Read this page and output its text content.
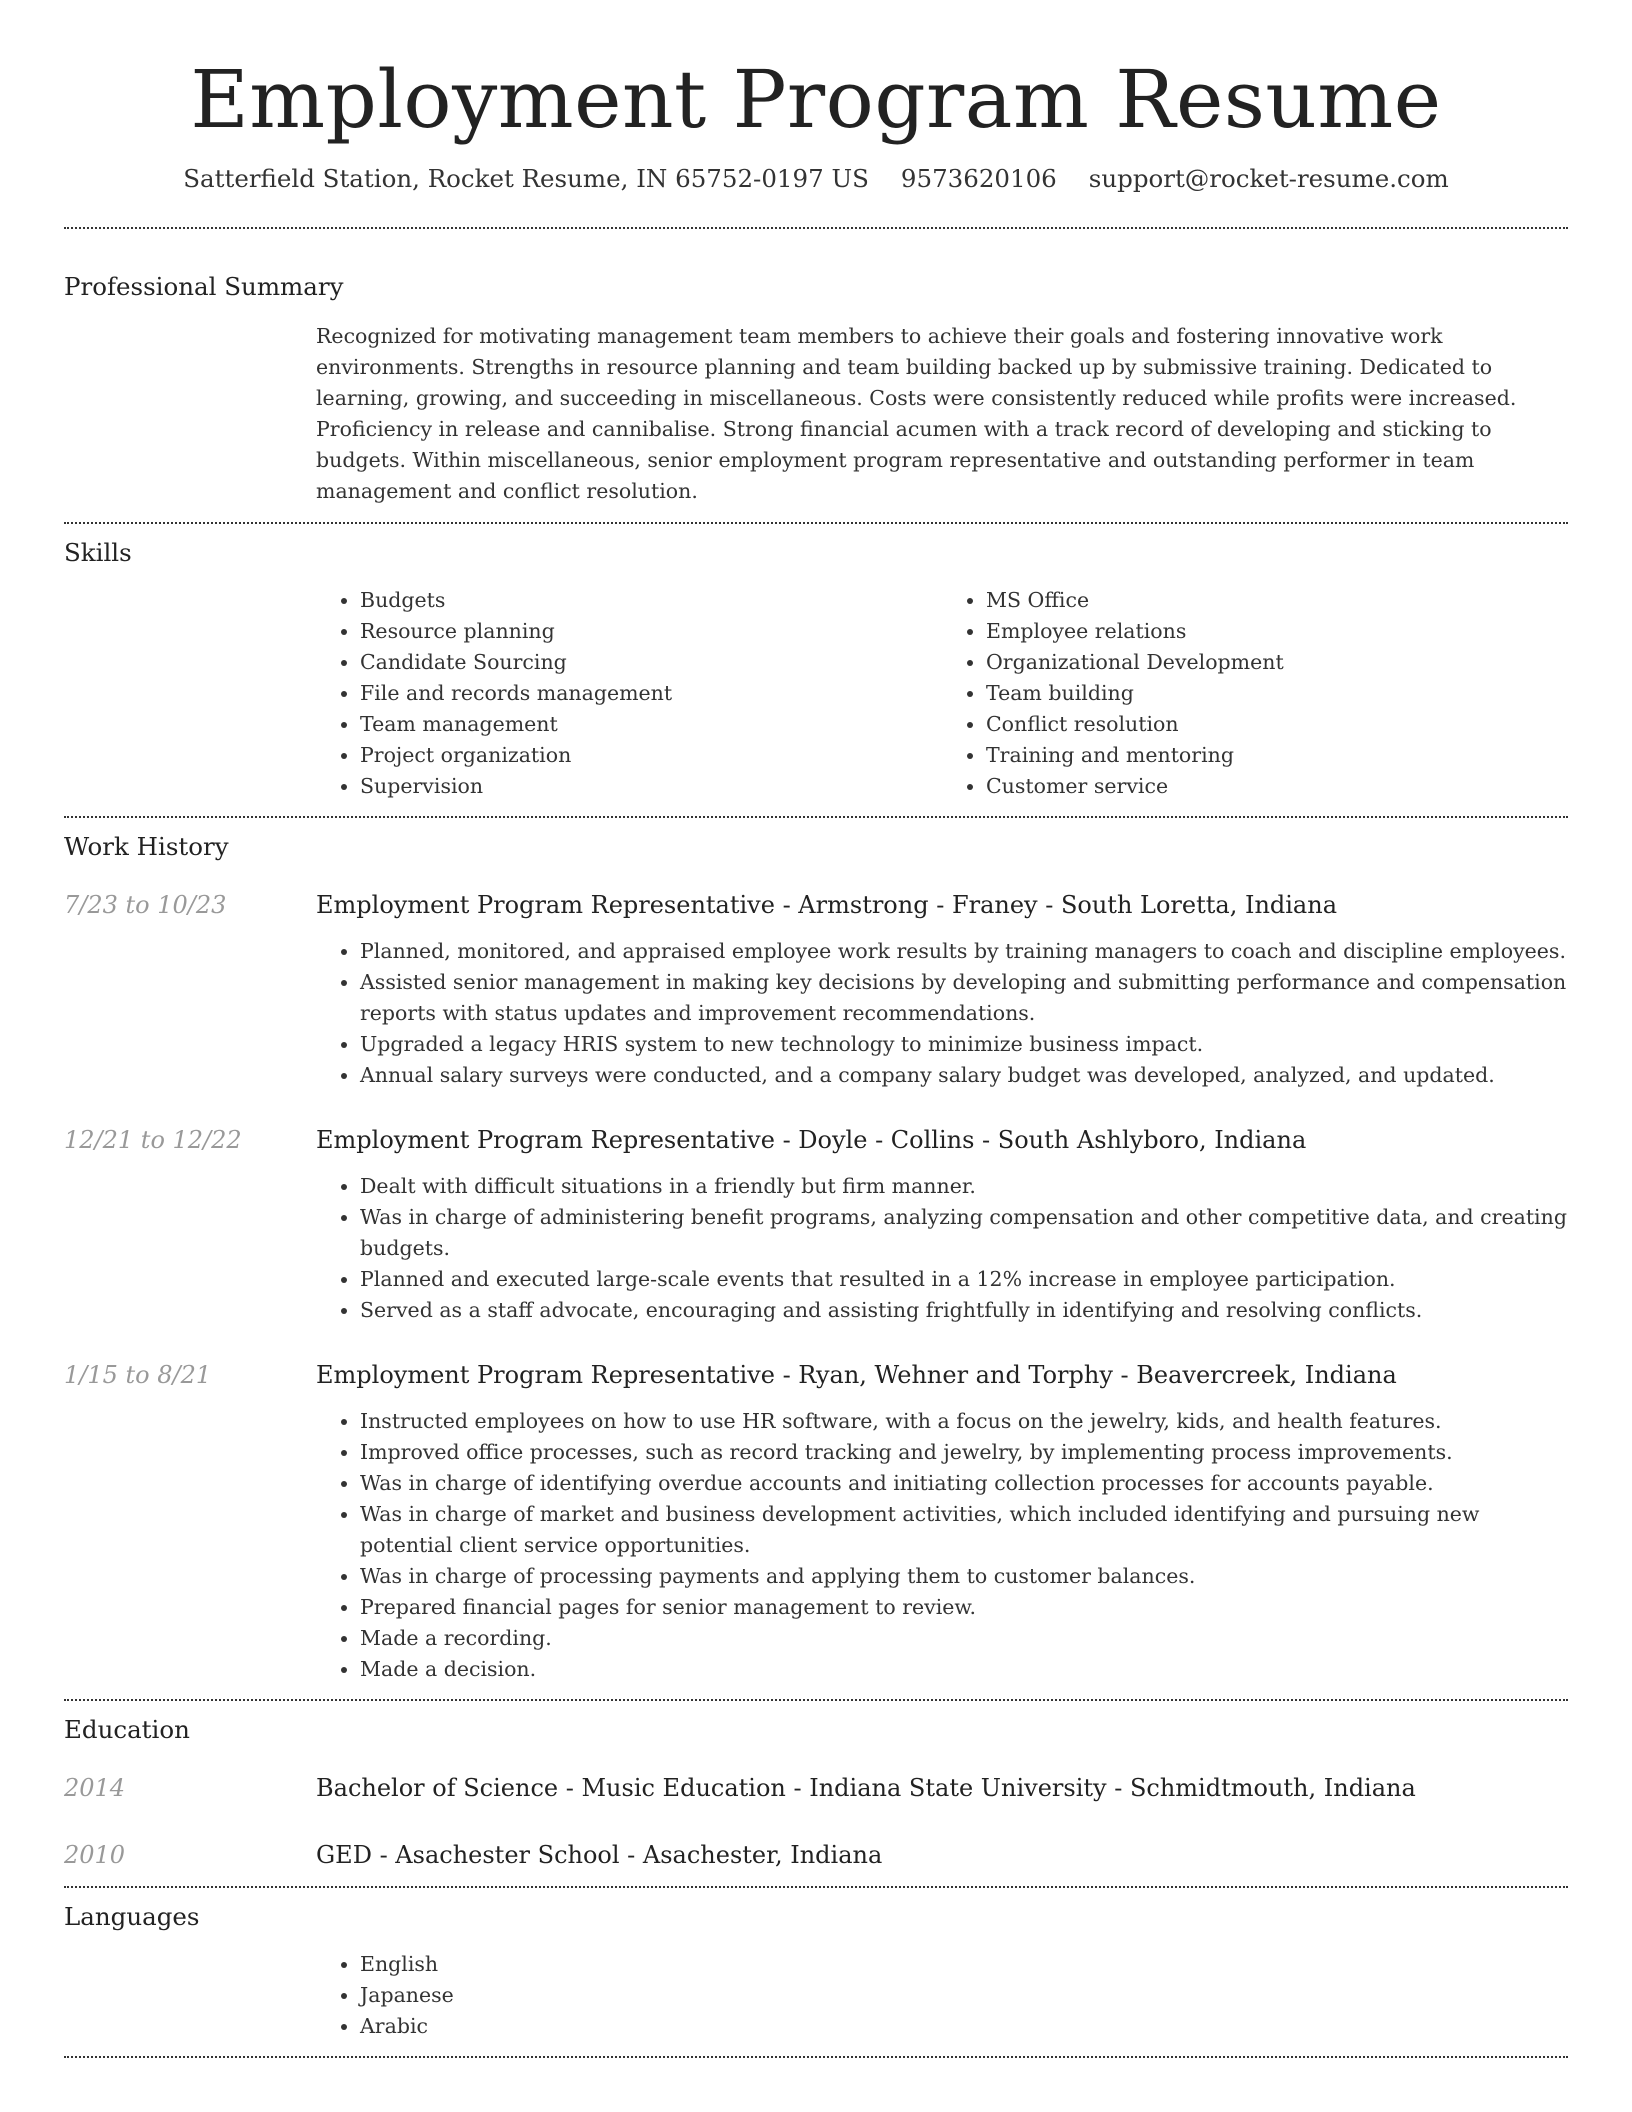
Employment Program Resume
Satterfield Station, Rocket Resume, IN 65752-0197 US 9573620106 support@rocket-resume.com
Professional Summary

Recognized for motivating management team members to achieve their goals and fostering innovative work environments. Strengths in resource planning and team building backed up by submissive training. Dedicated to learning, growing, and succeeding in miscellaneous. Costs were consistently reduced while profits were increased. Proficiency in release and cannibalise. Strong financial acumen with a track record of developing and sticking to budgets. Within miscellaneous, senior employment program representative and outstanding performer in team management and conflict resolution.

Skills
• Budgets
• Resource planning
• Candidate Sourcing
• File and records management
• Team management
• Project organization
• Supervision
• MS Office
• Employee relations
• Organizational Development
• Team building
• Conflict resolution
• Training and mentoring
• Customer service
Work History
7/23 to 10/23	Employment Program Representative - Armstrong - Franey - South Loretta, Indiana

• Planned, monitored, and appraised employee work results by training managers to coach and discipline employees.
• Assisted senior management in making key decisions by developing and submitting performance and compensation reports with status updates and improvement recommendations.
• Upgraded a legacy HRIS system to new technology to minimize business impact.
• Annual salary surveys were conducted, and a company salary budget was developed, analyzed, and updated.
12/21 to 12/22	Employment Program Representative - Doyle - Collins - South Ashlyboro, Indiana

• Dealt with difficult situations in a friendly but firm manner.
• Was in charge of administering benefit programs, analyzing compensation and other competitive data, and creating budgets.
• Planned and executed large-scale events that resulted in a 12% increase in employee participation.
• Served as a staff advocate, encouraging and assisting frightfully in identifying and resolving conflicts.
1/15 to 8/21	Employment Program Representative - Ryan, Wehner and Torphy - Beavercreek, Indiana

• Instructed employees on how to use HR software, with a focus on the jewelry, kids, and health features.
• Improved office processes, such as record tracking and jewelry, by implementing process improvements.
• Was in charge of identifying overdue accounts and initiating collection processes for accounts payable.
• Was in charge of market and business development activities, which included identifying and pursuing new potential client service opportunities.
• Was in charge of processing payments and applying them to customer balances.
• Prepared financial pages for senior management to review.
• Made a recording.
• Made a decision.
Education
2014	Bachelor of Science - Music Education - Indiana State University - Schmidtmouth, Indiana

2010	GED - Asachester School - Asachester, Indiana

Languages
• English
• Japanese
• Arabic
